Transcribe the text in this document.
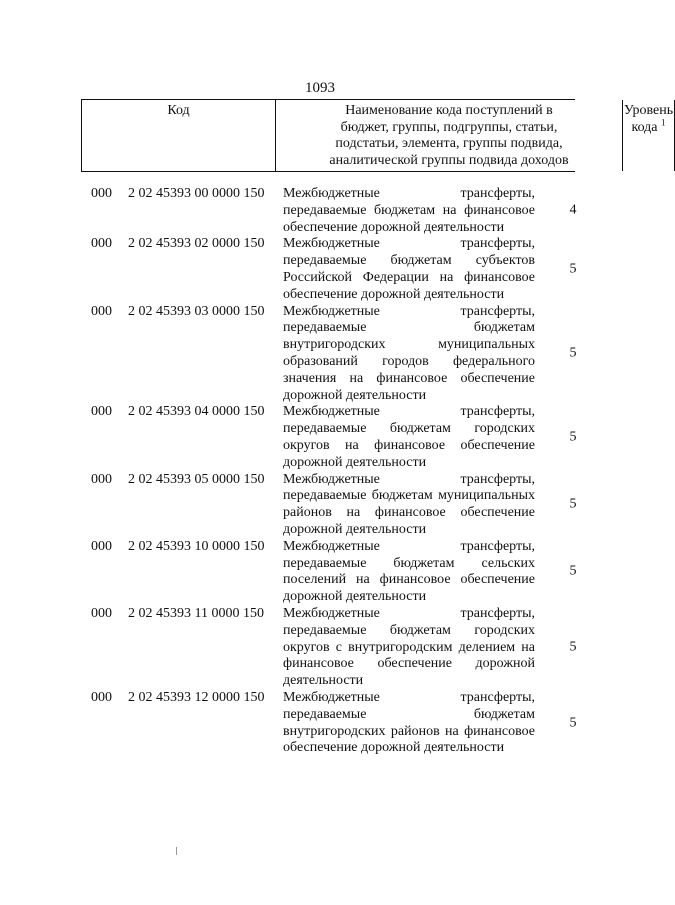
1093
Код	Наименование кода поступлений в
бюджет, группы, подгруппы, статьи,
подстатьи, элемента, группы подвида,
аналитической группы подвида доходов
Уровень
кода $^1$
000 2 02 45393 00 0000 150 Межбюджетные трансферты, передаваемые бюджетам на финансовое обеспечение дорожной деятельности
4
000 2 02 45393 02 0000 150 Межбюджетные трансферты, передаваемые бюджетам субъектов Российской Федерации на финансовое обеспечение дорожной деятельности
5
000 2 02 45393 03 0000 150 Межбюджетные трансферты, передаваемые бюджетам внутригородских муниципальных образований городов федерального значения на финансовое обеспечение дорожной деятельности
5
000 2 02 45393 04 0000 150 Межбюджетные трансферты, передаваемые бюджетам городских округов на финансовое обеспечение дорожной деятельности
5
000 2 02 45393 05 0000 150 Межбюджетные трансферты, передаваемые бюджетам муниципальных районов на финансовое обеспечение дорожной деятельности
5
000 2 02 45393 10 0000 150 Межбюджетные трансферты, передаваемые бюджетам сельских поселений на финансовое обеспечение дорожной деятельности
5
000 2 02 45393 11 0000 150 Межбюджетные трансферты, передаваемые бюджетам городских округов с внутригородским делением на финансовое обеспечение дорожной деятельности
5
000 2 02 45393 12 0000 150 Межбюджетные трансферты, передаваемые бюджетам внутригородских районов на финансовое обеспечение дорожной деятельности
5
